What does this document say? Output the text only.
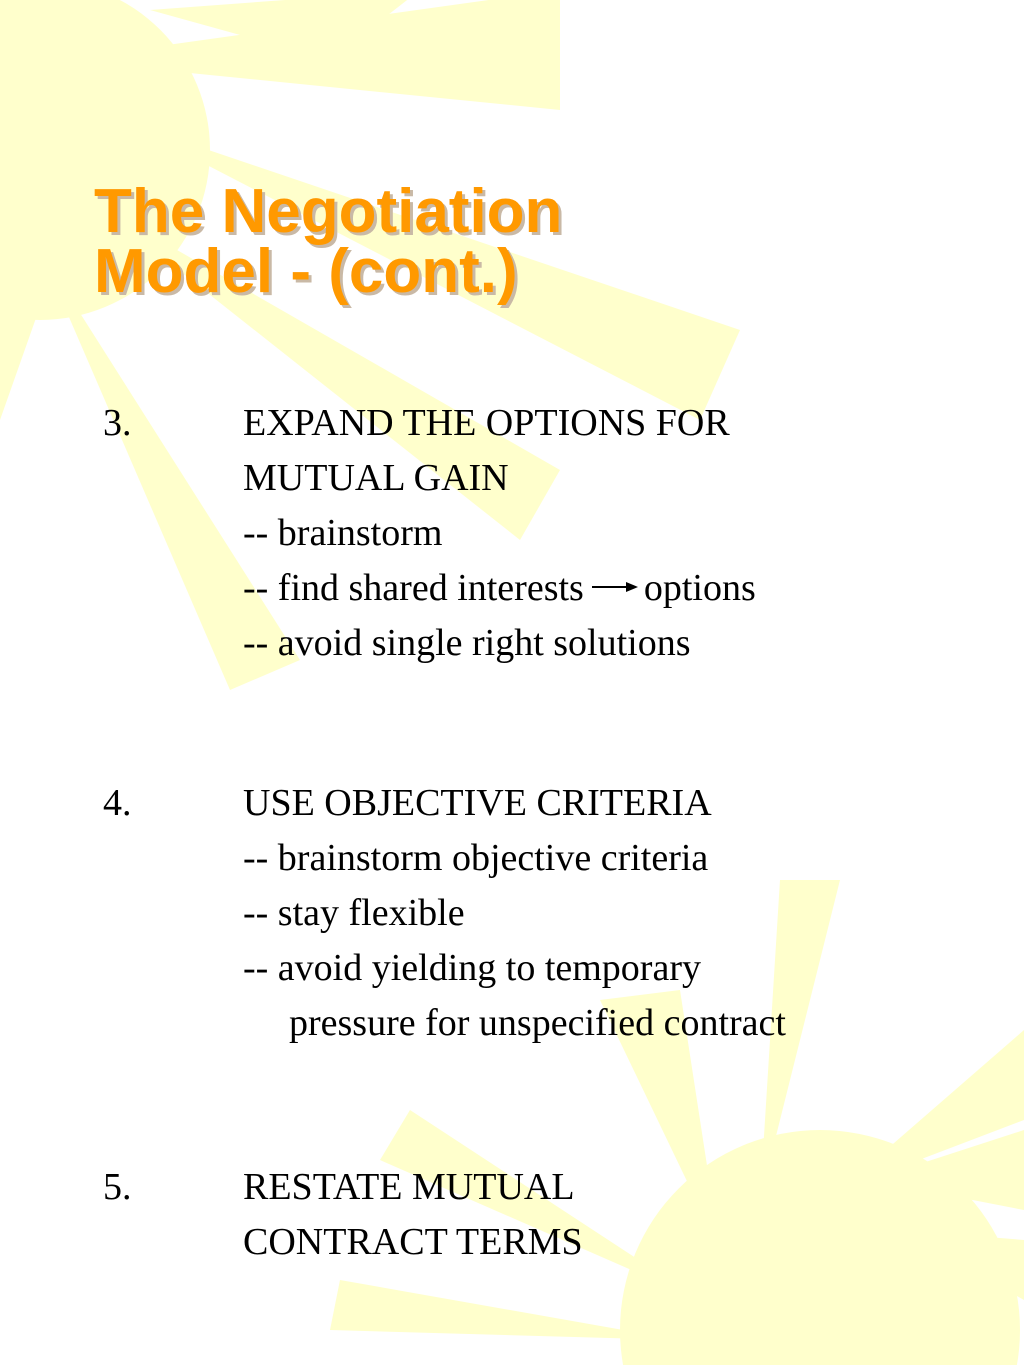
The Negotiation
Model - (cont.)
3.	EXPAND THE OPTIONS FOR
MUTUAL GAIN
-- brainstorm
-- find shared interests options
-- avoid single right solutions
4.	USE OBJECTIVE CRITERIA
-- brainstorm objective criteria
-- stay flexible
-- avoid yielding to temporary
pressure for unspecified contract
5.	RESTATE MUTUAL
CONTRACT TERMS
